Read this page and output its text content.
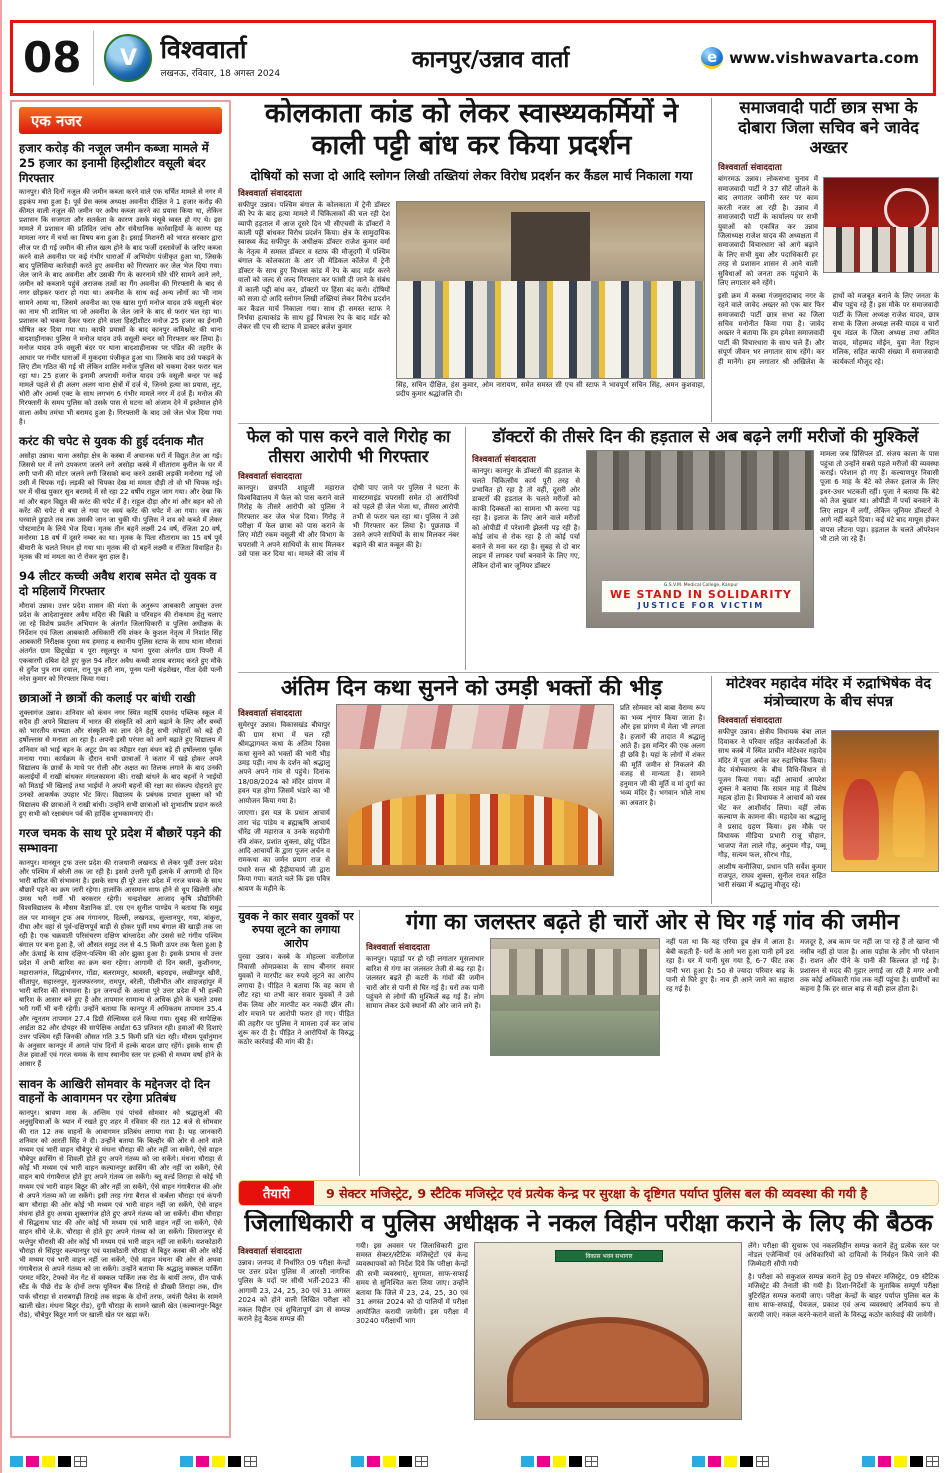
08	V विश्ववार्ता
लखनऊ, रविवार, 18 अगस्त 2024
कानपुर/उन्नाव वार्ता	e www.vishwavarta.com
एक नजर
हजार करोड़ की नजूल जमीन कब्जा मामले में 25 हजार का इनामी हिस्ट्रीशीटर वसूली बंदर गिरफ्तार

कानपुर। बीते दिनों नजूल की जमीन कब्जा करने वाले एक चर्चित मामले से नगर में हड़कंप मचा हुआ है। पूर्व प्रेस क्लब अध्यक्ष अवनीश दीक्षित ने 1 हजार करोड़ की कीमत वाली नजूल की जमीन पर अवैध कब्जा करने का प्रयास किया था, लेकिन प्रशासन कि सजगता और सतर्कता के कारण उसके मंसूबे ध्वस्त हो गए थे। इस मामले में प्रशासन की प्रतिदिन जांच और संवैधानिक कार्रवाहियों के कारण यह मामला नगर में चर्चा का विषय बना हुआ है। इसाई मिशनरी को भारत सरकार द्वारा लीज पर दी गई जमीन की लीज खत्म होने के बाद फर्जी दस्तावेजों के जरिए कब्जा करने वाले अवनीश पर कई गंभीर धाराओं में अभियोग पंजीकृत हुआ था, जिसके बाद पुलिसिया कार्रवाही करते हुए अवनीश को गिरफ्तार कर जेल भेज दिया गया। जेल जाने के बाद अवनीश और उसकी गैंग के कारनामे धीरे धीरे सामने आने लगे, जमीन को कब्जाने पहुंचे अराजक तत्वों का गैंग अवनीश की गिरफ्तारी के बाद से नगर छोड़कर फरार हो गया था। अवनीश के साथ कई अन्य लोगों का भी नाम सामने आया था, जिसमे अवनीश का एक खास गुर्गा मनोज यादव उर्फ वसूली बंदर का नाम भी शामिल था जो अवनीश के जेल जाने के बाद से फरार चल रहा था। प्रशासन को चकमा देकर फरार होने वाला हिस्ट्रीशीटर मनोज 25 हजार का ईनामी घोषित कर दिया गया था। काफी प्रयासों के बाद कानपुर कमिश्नरेट की थाना बादशाहीनाका पुलिस ने मनोज यादव उर्फ वसूली बन्दर को गिरफ्तार कर लिया है। मनोज यादव उर्फ वसूली बंदर पर थाना बादशाहीनाका पर पंडित की तहरीर के आधार पर गंभीर धाराओं में मुकदमा पंजीकृत हुआ था। जिसके बाद उसे पकड़ने के लिए टीम गठित की गई थी लेकिन शातिर मनोज पुलिस को चकमा देकर फरार चल रहा था। 25 हजार के इनामी अपराधी मनोज यादव उर्फ वसूली बन्दर पर कई मामले पहले से ही अलग अलग थाना क्षेत्रों में दर्ज थे, जिनमे हत्या का प्रयास, लूट, चोरी और आर्म्स एक्ट के साथ लगभग 6 गंभीर मामले नगर में दर्ज हैं। मनोज की गिरफ्तारी के समय पुलिस को उसके पास से घटना को अंजाम देने में इस्तेमाल होने वाला अवैध तमंचा भी बरामद हुआ है। गिरफ्तारी के बाद उसे जेल भेज दिया गया है।

करंट की चपेट से युवक की हुई दर्दनाक मौत

असोहा उन्नाव। थाना असोहा क्षेत्र के कस्बा में अचानक घरों में विद्युत तेज आ गई। जिससे घर में लगे उपकरण जलने लगे असोहा कस्बे में सीताराम कुरील के घर में लगी पानी की मोटर जलने लगी जिसको बन्द करने उसकी लड़की मनोरमा गई जो उसी में चिपक गई। लड़की को चिपका देख मां ममता दौड़ी तो वो भी चिपक गई। घर में चीख पुकार सुन बरामदे में सो रहा 22 वर्षीय राहुल जाग गया। और देखा कि मां और बहन विद्युत की करंट की चपेट में है। राहुल दौड़ा और मां और बहन को तो करेंट की चपेट से बचा ले गया पर स्वयं करेंट की चपेट में आ गया। जब तक घरवाले छुड़ाते तब तक उसकी जान जा चुकी थी। पुलिस ने शव को कब्जे में लेकर पोस्टमार्टम के लिये भेज दिया। मृतक तीन बहनें लक्ष्मी 24 वर्ष, रंजिता 20 वर्ष, मनोरमा 18 वर्ष में दूसरे नम्बर का था। मृतक के पिता सीताराम का 15 वर्ष पूर्व बीमारी के चलते निधन हो गया था। मृतक की दो बहनें लक्ष्मी व रंजिता विवाहित है। मृतक की मां ममता का रो रोकर बुरा हाल है।

94 लीटर कच्ची अवैध शराब समेत दो युवक व दो महिलायें गिरफ्तार

मौरावां उन्नाव। उत्तर प्रदेश शासन की मंशा के अनुरूप आबकारी आयुक्त उत्तर प्रदेश के आदेशानुसार अवैध मदिरा की बिक्री व परिवहन की रोकथाम हेतु चलाए जा रहे विशेष प्रवर्तन अभियान के अंतर्गत जिलाधिकारी व पुलिस अधीक्षक के निर्देशन एवं जिला आबकारी अधिकारी रवि शंकर के कुशल नेतृत्व में निशांत सिंह आबकारी निरीक्षक पुरवा मय हमराह व स्थानीय पुलिस स्टाफ के साथ थाना मौरावां अंतर्गत ग्राम छिटूखेड़ा व पूरा रसूलपुर व थाना पुरवा अंतर्गत ग्राम पिपरी में एकबारगी दबिश देते हुए कुल 94 लीटर अवैध कच्ची शराब बरामद करते हुए मौके से दुर्गेश पुत्र राम दयाल, रानू पुत्र हरी नाम, पूनम पत्नी चंद्रशेखर, गीता देवी पत्नी नरेश कुमार को गिरफ्तार किया गया।

छात्राओं ने छात्रों की कलाई पर बांधी राखी

शुक्लागंज उन्नाव। शनिवार को कंचन नगर स्थित महर्षि दयानंद पब्लिक स्कूल में सदैव ही अपने विद्यालय में भारत की संस्कृति को आगे बढ़ाने के लिए और बच्चों को भारतीय सभ्यता और संस्कृति का ज्ञान देने हेतु सभी त्योहारों को बड़े ही हर्षोल्लास से मनाता आ रहा है। अपनी इसी परंपरा को आगे बढ़ाते हुए विद्यालय में शनिवार को भाई बहन के अटूट प्रेम का त्यौहार रक्षा बंधन बड़े ही हर्षोल्लास पूर्वक मनाया गया। कार्यक्रम के दौरान सभी छात्राओं ने कतार में खड़े होकर अपने विद्यालय के छात्रों के माथे पर रोली और अक्षत का तिलक लगाने के बाद उनकी कलाईयों में राखी बांधकर मंगलकामना की। राखी बांधने के बाद बहनों ने भाईयों को मिठाई भी खिलाई तथा भाईयों ने अपनी बहनों की रक्षा का संकल्प दोहराते हुए उनको आकर्षक उपहार भेंट किए। विद्यालय के प्रबंधक प्रभात शुक्ला को भी विद्यालय की छात्राओं ने राखी बांधी। उन्होंने सभी छात्राओं को शुभाशीष प्रदान करते हुए सभी को रक्षाबंधन पर्व की हार्दिक शुभकामनाएं दी।

गरज चमक के साथ पूरे प्रदेश में बौछारें पड़ने की सम्भावना

कानपुर। मानसून ट्रफ उत्तर प्रदेश की राजधानी लखनऊ से लेकर पूर्वी उत्तर प्रदेश और पश्चिम में बरेली तक जा रही है। इससे उत्तरी पूर्वी इलाके में आगामी दो दिन भारी बारिश की संभावना है। इसके साथ ही पूरे उत्तर प्रदेश में गरज चमक के साथ बौछारें पड़ने का क्रम जारी रहेगा। हालांकि आसमान साफ होने से धूप खिलेगी और उमस भरी गर्मी भी बरकरार रहेगी। चन्द्रशेखर आजाद कृषि प्रौद्योगिकी विश्वविद्यालय के मौसम वैज्ञानिक डॉ. एस एन सुनील पाण्डेय ने बताया कि समुद्र तल पर मानसून ट्रफ अब गंगानगर, दिल्ली, लखनऊ, सुल्तानपुर, गया, बांकुरा, दीघा और वहां से पूर्व-दक्षिणपूर्व बाड़ी से होकर पूर्वी मध्य बंगाल की खाड़ी तक जा रही है। एक चक्रवाती परिसंचरण दक्षिण बांग्लादेश और उससे सटे गंगीय पश्चिम बंगाल पर बना हुआ है, जो औसत समुद्र तल से 4.5 किमी ऊपर तक फैला हुआ है और ऊंचाई के साथ दक्षिण-पश्चिम की ओर झुका हुआ है। इसके प्रभाव से उत्तर प्रदेश में अभी बारिश का क्रम बना रहेगा। आगामी दो दिन बस्ती, कुशीनगर, महाराजगंज, सिद्धार्थनगर, गोंडा, बलरामपुर, श्रावस्ती, बहराइच, लखीमपुर खीरी, सीतापुर, सहारनपुर, मुजफ्फरनगर, रामपुर, बरेली, पीलीभीत और शाहजहांपुर में भारी बारिश की संभावना है। इन जनपदों के अलावा पूरे उत्तर प्रदेश में भी हल्की बारिश के आसार बने हुए हैं और तापमान सामान्य से अधिक होने के चलते उमस भरी गर्मी भी बनी रहेगी। उन्होंने बताया कि कानपुर में अधिकतम तापमान 35.4 और न्यूनतम तापमान 27.4 डिग्री सेल्सियस दर्ज किया गया। सुबह की सापेक्षिक आर्द्रता 82 और दोपहर की सापेक्षिक आर्द्रता 63 प्रतिशत रही। हवाओं की दिशाएं उत्तर पश्चिम रहीं जिनकी औसत गति 3.5 किमी प्रति घंटा रही। मौसम पूर्वानुमान के अनुसार कानपुर में अगले पांच दिनों में हल्के बादल छाए रहेंगे। इसके साथ ही तेज हवाओं एवं गरज चमक के साथ स्थानीय स्तर पर हल्की से मध्यम वर्षा होने के आसार हैं

सावन के आखिरी सोमवार के मद्देनजर दो दिन वाहनों के आवागमन पर रहेगा प्रतिबंध

कानपुर। श्रावण मास के अन्तिम एवं पांचवे सोमवार को श्रद्धालुओं की अनुसुविधाओं के ध्यान में रखते हुए शहर में रविवार की रात 12 बजे से सोमवार की रात 12 तक वाहनों के आवागमन प्रतिबंध लगाया गया है। यह जानकारी शनिवार को आरती सिंह ने दी। उन्होंने बताया कि बिल्हौर की ओर से आने वाले मध्यम एवं भारी वाहन चौबेपुर से मंधना चौराहा की ओर नहीं जा सकेंगे, ऐसे वाहन चौबेपुर क्रासिंग से शिवली होते हुए अपने गंतव्य को जा सकेंगे। मंधना चौराहा से कोई भी मध्यम एवं भारी वाहन कल्यानपुर क्रासिंग की ओर नहीं जा सकेंगे, ऐसे वाहन बाये गंगाबैराज होते हुए अपने गंतव्य जा सकेंगे। ब्लू वर्ल्ड तिराहा से कोई भी मध्यम एवं भारी वाहन बिठूर की ओर नहीं जा सकेंगे, ऐसे वाहन गंगाबैराज की ओर से अपने गंतव्य को जा सकेंगे। इसी तरह गंगा बैराज से कर्बला चौराहा एवं कंपनी बाग चौराहा की ओर कोई भी मध्यम एवं भारी वाहन नहीं जा सकेंगे, ऐसे वाहन मंधना होते हुए अथवा शुक्लागंज होते हुए अपने गंतव्य को जा सकेंगे। वीमा चौराहा से सिद्धनाथ घाट की ओर कोई भी मध्यम एवं भारी वाहन नहीं जा सकेंगे, ऐसे वाहन सीधे जे.के. चौराहा से होते हुए अपने गंतव्य को जा सकेंगे। शिवराजपुर से फत्तेपुर चौरासी की ओर कोई भी मध्यम एवं भारी वाहन नहीं जा सकेंगे। यशकोठारी चौराहा से सिंहपुर कल्यानपुर एवं यशकोठारी चौराहा से बिठूर कस्बा की ओर कोई भी मध्यम एवं भारी वाहन नहीं जा सकेंगे, ऐसे वाहन मंधना की ओर से अथवा गंगाबैराज से अपने गंतव्य को जा सकेंगे। उन्होंने बताया कि श्रद्धालु वक्कल पार्किंग परमट मंदिर, टेफ्को मेन गेट से वक्कल पार्किंग तक रोड के बायीं तरफ, ग्रीन पार्क स्टैंड के पीछे रोड के दोनों तरफ यूनियन बैंक तिराहे से डीख्वी तिराहा तक, ग्रीन पार्क चौराहा से शराबगढ़ी तिराहे तक सड़क के दोनों तरफ, जयंती पैलेश के सामने खाली खेत। मंधना बिठूर रोड), दुगी चौराहा के सामने खाली खेत (कल्यानपुर-बिठूर रोड), चौबेपुर बिठूर मार्ग पर खाली खेत पर खड़ा करें।

कोलकाता कांड को लेकर स्वास्थ्यकर्मियों ने काली पट्टी बांध कर किया प्रदर्शन
दोषियों को सजा दो आदि स्लोगन लिखी तख्तियां लेकर विरोध प्रदर्शन कर कैंडल मार्च निकाला गया
विश्ववार्ता संवाददाता
सफीपुर उन्नाव। पश्चिम बंगाल के कोलकाता में ट्रेनी डॉक्टर की रेप के बाद हत्या मामले में चिकित्सकों की चल रही देश व्यापी हड़ताल में आज दूसरे दिन भी सीएचसी के डॉक्टरों ने काली पट्टी बांधकर विरोध प्रदर्शन किया। क्षेत्र के सामुदायिक स्वास्थ्य केंद्र सफीपुर के अधीक्षक डॉक्टर राजेश कुमार वर्मा के नेतृत्व में समस्त डॉक्टर व स्टाफ की मौजूदगी में पश्चिम बंगाल के कोलकाता के आर जी मेडिकल कॉलेज में ट्रेनी डॉक्टर के साथ हुए विभत्स कांड में रेप के बाद मर्डर करने वालों को जल्द से जल्द गिरफ्तार कर फांसी दी जाने के संबंध में काली पट्टी बांध कर, डॉक्टरों पर हिंसा बंद करो। दोषियों को सजा दो आदि स्लोगन लिखी तख्तियां लेकर विरोध प्रदर्शन कर कैंडल मार्च निकाला गया। साथ ही समस्त स्टाफ ने निर्भया हत्याकांड के साथ हुई विभत्स रेप के बाद मर्डर को लेकर सी एच सी स्टाफ में डाक्टर ब्रजेश कुमार
सिंह, सचिन दीक्षित, हंस कुमार, ओम नारायण, समेत समस्त सी एच सी स्टाफ ने भावपूर्ण सचिन सिंह, अमन कुशवाहा, प्रदीप कुमार श्रद्धांजलि दी।
समाजवादी पार्टी छात्र सभा के दोबारा जिला सचिव बने जावेद अख्तर
विश्ववार्ता संवाददाता
बांगरमऊ उन्नाव। लोकसभा चुनाव में समाजवादी पार्टी ने 37 सीटें जीतने के बाद लगातार जमीनी स्तर पर काम करती नजर आ रही है। उन्नाव में समाजवादी पार्टी के कार्यालय पर सभी युवाओं को एकत्रित कर उन्नाव जिलाध्यक्ष राजेश यादव की अध्यक्षता में समाजवादी विचारधारा को आगे बढ़ाने के लिए सभी युवा और पदाधिकारी हर तरह से प्रशासन शासन से आने वाली सुविधाओं को जनता तक पहुंचाने के लिए लगातार बने रहेंगे।
इसी क्रम में कस्बा गंजमुरादाबाद नगर के रहने वाले जावेद अख्तर को एक बार फिर समाजवादी पार्टी छात्र सभा का जिला सचिव मनोनीत किया गया है। जावेद अख्तर ने बताया कि हम हमेशा समाजवादी पार्टी की विचारधारा के साथ चले हैं। और संपूर्ण जीवन भर लगातार साथ रहेंगे। कर ही मानेंगे। हम लगातार श्री अखिलेश के हाथों को मजबूत बनाने के लिए जनता के बीच पहुंच रहे हैं। इस मौके पर समाजवादी पार्टी के जिला अध्यक्ष राजेश यादव, छात्र सभा के जिला अध्यक्ष लकी यादव व चारों यूथ मंडल के जिला अध्यक्ष तथा अमित यादव, मोहम्मद मोईन, युवा नेता रिहान मलिक, सहित काफी संख्या में समाजवादी कार्यकर्ता मौजूद रहे।
फेल को पास करने वाले गिरोह का तीसरा आरोपी भी गिरफ्तार
विश्ववार्ता संवाददाता
कानपुर। छत्रपति शाहूजी महाराज विश्वविद्यालय में फेल को पास कराने वाले गिरोह के तीसरे आरोपी को पुलिस ने गिरफ्तार कर जेल भेज दिया। गिरोह ने परीक्षा में फेल छात्रा को पास कराने के लिए मोटी रकम वसूली थी और विभाग के चपरासी ने अपने साथियों के साथ मिलकर उसे पास कर दिया था। मामले की जांच में दोषी पाए जाने पर पुलिस ने घटना के मास्टरमाइंड चपरासी समेत दो आरोपियों को पहले ही जेल भेजा था, तीसरा आरोपी तभी से फरार चल रहा था। पुलिस ने उसे भी गिरफ्तार कर लिया है। पूछताछ में उसने अपने साथियों के साथ मिलकर नंबर बढ़ाने की बात कबूल की है।
डॉक्टरों की तीसरे दिन की हड़ताल से अब बढ़ने लगीं मरीजों की मुश्किलें
विश्ववार्ता संवाददाता
कानपुर। कानपुर के डॉक्टरों की हड़ताल के चलते चिकित्सीय कार्य पूरी तरह से प्रभावित हो रहा है तो वहीं, दूसरी ओर डाक्टरों की हडताल के चलते मरीजों को काफी दिक्कतों का सामना भी करना पड़ रहा है। इलाज के लिए आने वाले मरीजों को ओपीडी में परेशानी झेलनी पड़ रही है। कोई जांच से रोक रहा है तो कोई पर्चा बनाने से मना कर रहा है। सुबह से दो बार लाइन में लगकर पर्चा बनवाने के लिए गए, लेकिन दोनों बार जूनियर डॉक्टर
G.S.V.M. Medical College, Kanpur
WE STAND IN SOLIDARITY
JUSTICE FOR VICTIM
मामला जब प्रिंसिपल डॉ. संजय काला के पास पहुंचा तो उन्होंने सबसे पहले मरीजों की व्यवस्था कराई। परेशान हो गए हैं। कल्याणपुर निवासी पूजा 6 माह के बेटे को लेकर इलाज के लिए इधर-उधर भटकती रहीं। पूजा ने बताया कि बेटे को तेज बुखार था। ओपीडी में पर्चा बनवाने के लिए लाइन में लगीं, लेकिन जूनियर डॉक्टरों ने आगे नहीं बढ़ने दिया। कई घंटे बाद मायूस होकर वापस लौटना पड़ा। हड़ताल के चलते ऑपरेशन भी टाले जा रहे हैं।
अंतिम दिन कथा सुनने को उमड़ी भक्तों की भीड़
विश्ववार्ता संवाददाता
सुमेरपुर उन्नाव। विकासखंड बीघापुर की ग्राम सभा में चल रही श्रीमद्भागवत कथा के अंतिम दिवस कथा सुनने को भक्तों की भारी भीड़ उमड़ पड़ी। नाथ के दर्शन को श्रद्धालु अपने अपने गांव से पहुंचे। दिनांक 18/08/2024 को मंदिर प्रांगण में हवन यज्ञ होगा जिसमें भंडारे का भी आयोजन किया गया है।
जाएगा। इस यज्ञ के प्रधान आचार्य तारा चंद्र पांडेय व ब्रह्मऋषि आचार्य धीरेंद्र जी महाराज व उनके सहयोगी रवि शंकर, प्रशांत शुक्ला, छोटू पंडित आदि आचार्यों के द्वारा पूजन अर्चन व रामकथा का जर्मन प्रयाग राज से पधारे सन्त श्री हैड़ीयाचार्य जी द्वारा किया गया। बताते चले कि इस पवित्र श्रावण के महीने के
प्रति सोमवार को बाबा वैराग्य रूप का भव्य शृंगार किया जाता है। और इस प्रांगण में मेला भी लगता है। हजारों की तादात में श्रद्धालु आते हैं। इस मन्दिर की एक अलग ही छवि है। यहां के लोगों में शंकर की मूर्ति जमीन से निकलने की वजह से मान्यता है। सामने हनुमान जी की मूर्ति व मां दुर्गा का भव्य मंदिर है। भगवान भोले नाथ का अवतार है।
मोटेश्वर महादेव मंदिर में रुद्राभिषेक वेद मंत्रोच्चारण के बीच संपन्न
विश्ववार्ता संवाददाता
सफीपुर उन्नाव। क्षेत्रीय विधायक बंबा लाल दिवाकर ने परिवार सहित कार्यकर्ताओं के साथ कस्बे में स्थित प्राचीन मोटेश्वर महादेव मंदिर में पूजा अर्चना कर रुद्राभिषेक किया। वेद मंत्रोच्चारण के बीच विधि-विधान से पूजन किया गया। वहीं आचार्य आपरेश शुक्ल ने बताया कि सावन माह में विशेष महत्व होता है। विधायक ने आचार्य को वस्त्र भेंट कर आशीर्वाद लिया। वहीं लोक कल्याण के कामना की। महादेव का श्रद्धालु ने प्रसाद ग्रहण किया। इस मौके पर विधायक मीडिया प्रभारी राजू चौहान, भाजपा नेता लाले गौड़, अनुपम गौड़, पम्मू गौड़, सत्यम फल, सौरभ गौड़,
आशीष कनौजिया, प्रधान पति सर्वेश कुमार राजपूत, राघव शुक्ला, सुनील रावत सहित भारी संख्या में श्रद्धालु मौजूद रहे।
युवक ने कार सवार युवकों पर रुपया लूटने का लगाया आरोप
पुरवा उन्नाव। कस्बे के मोहल्ला वजीरगंज निवासी ओमप्रकाश के साथ बीेनगर सवार युवकों ने मारपीट कर रुपये लूटने का आरोप लगाया है। पीड़ित ने बताया कि वह काम से लौट रहा था तभी कार सवार युवकों ने उसे रोक लिया और मारपीट कर नकदी छीन ली। शोर मचाने पर आरोपी फरार हो गए। पीड़ित की तहरीर पर पुलिस ने मामला दर्ज कर जांच शुरू कर दी है। पीड़ित ने आरोपियों के विरुद्ध कठोर कार्रवाई की मांग की है।
गंगा का जलस्तर बढ़ते ही चारों ओर से घिर गई गांव की जमीन
विश्ववार्ता संवाददाता
कानपुर। पहाड़ों पर हो रही लगातार मूसलाधार बारिश से गंगा का जलस्तर तेजी से बढ़ रहा है। जलस्तर बढ़ते ही कटरी के गांवों की जमीन चारों ओर से पानी से घिर गई है। घरों तक पानी पहुंचने से लोगों की मुश्किलें बढ़ गई हैं। लोग सामान लेकर ऊंचे स्थानों की ओर जाने लगे हैं।
नहीं पता था कि यह एरिया डूब क्षेत्र में आता है। बेबी कहती हैं- घरों के आगे भरा हुआ पानी हमें डरा रहा है। घर में पानी घुस गया है, 6-7 फीट तक पानी भरा हुआ है। 50 से ज्यादा परिवार बाढ़ के पानी से घिरे हुए हैं। नाव ही आने जाने का सहारा रह गई है।
मजदूर है, अब काम पर नहीं जा पा रहे हैं तो खाना भी नसीब नहीं हो पाता है। आस पड़ोस के लोग भी परेशान हैं। राशन और पीने के पानी की किल्लत हो गई है। प्रशासन से मदद की गुहार लगाई जा रही है मगर अभी तक कोई अधिकारी गांव तक नहीं पहुंचा है। ग्रामीणों का कहना है कि हर साल बाढ़ से यही हाल होता है।
तैयारी	9 सेक्टर मजिस्ट्रेट, 9 स्टैटिक मजिस्ट्रेट एवं प्रत्येक केन्द्र पर सुरक्षा के दृष्टिगत पर्याप्त पुलिस बल की व्यवस्था की गयी है
जिलाधिकारी व पुलिस अधीक्षक ने नकल विहीन परीक्षा कराने के लिए की बैठक
विश्ववार्ता संवाददाता
उन्नाव। जनपद में निर्धारित 09 परीक्षा केन्द्रों पर उत्तर प्रदेश पुलिस में आरक्षी नागरिक पुलिस के पदों पर सीधी भर्ती-2023 की आगामी 23, 24, 25, 30 एवं 31 अगस्त 2024 को होने वाली लिखित परीक्षा को नकल विहीन एवं शुचितापूर्ण ढंग से सम्पन्न कराने हेतु बैठक सम्पन्न की
गयी। इस अवसर पर जिलाधिकारी द्वारा समस्त सेक्टर/स्टैटिक मजिस्ट्रेटों एवं केन्द्र व्यवस्थापकों को निर्देश दिये कि परीक्षा केन्द्रों की सभी व्यवस्थाएं, सुगमता, साफ-सफाई समय से सुनिश्चित करा लिया जाए। उन्होंने बताया कि जिले में 23, 24, 25, 30 एवं 31 अगस्त 2024 को दो पालियों में परीक्षा आयोजित करायी जायेगी। इस परीक्षा में 30240 परीक्षार्थी भाग
विकास भवन सभागार
लेंगे। परीक्षा की सुचारू एवं नकलविहीन सम्पन्न कराने हेतु प्रत्येक स्तर पर नोडल एजेन्सियों एवं अधिकारियों को दायित्वों के निर्वहन किये जाने की जिम्मेदारी सौंपी गयी
है। परीक्षा को सकुशल सम्पन्न कराने हेतु 09 सेक्टर मजिस्ट्रेट, 09 स्टैटिक मजिस्ट्रेट की तैनाती की गयी है। दिशा-निर्देशों के मुताबिक सम्पूर्ण परीक्षा त्रुटिरहित सम्पन्न करायी जाए। परीक्षा केन्द्रों के बाहर पर्याप्त पुलिस बल के साथ साफ-सफाई, पेयजल, प्रकाश एवं अन्य व्यवस्थाएं अनिवार्य रूप से करायी जाएं। नकल करने-कराने वालों के विरुद्ध कठोर कार्रवाई की जायेगी।
